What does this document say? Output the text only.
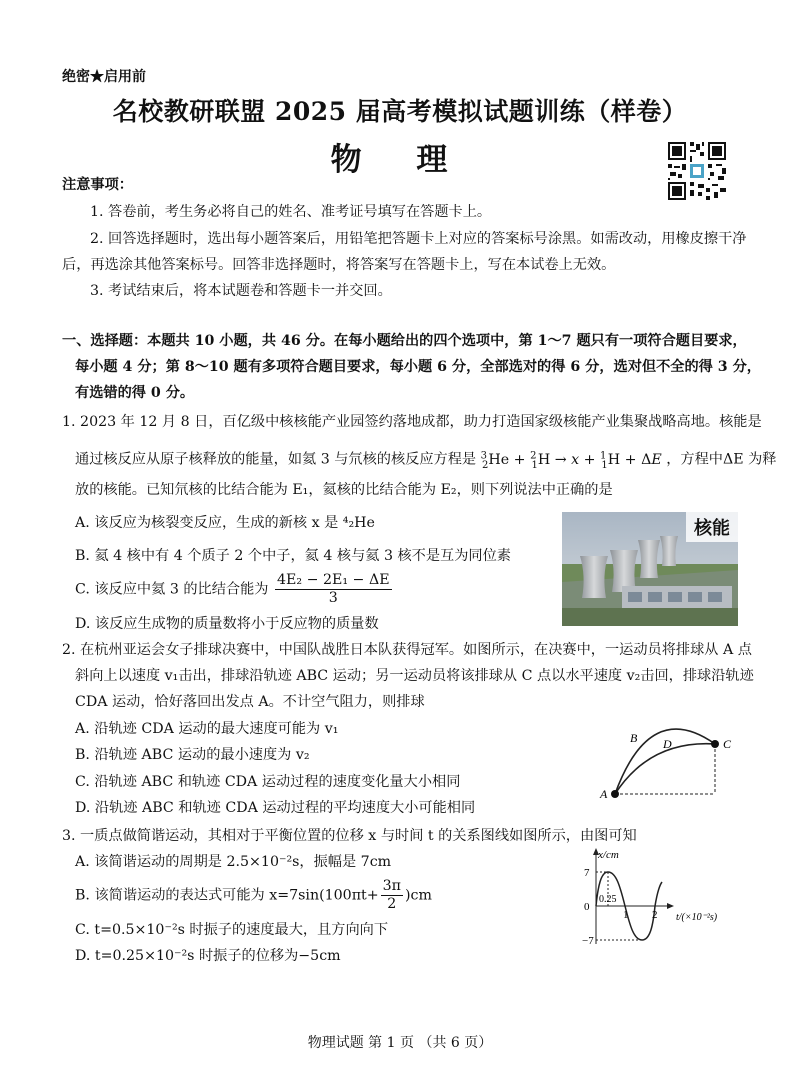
绝密★启用前
名校教研联盟 2025 届高考模拟试题训练（样卷）
物 理
注意事项：
1. 答卷前，考生务必将自己的姓名、准考证号填写在答题卡上。
2. 回答选择题时，选出每小题答案后，用铅笔把答题卡上对应的答案标号涂黑。如需改动，用橡皮擦干净
后，再选涂其他答案标号。回答非选择题时，将答案写在答题卡上，写在本试卷上无效。
3. 考试结束后，将本试题卷和答题卡一并交回。
一、选择题：本题共 10 小题，共 46 分。在每小题给出的四个选项中，第 1～7 题只有一项符合题目要求，
每小题 4 分；第 8～10 题有多项符合题目要求，每小题 6 分，全部选对的得 6 分，选对但不全的得 3 分，
有选错的得 0 分。
1. 2023 年 12 月 8 日，百亿级中核核能产业园签约落地成都，助力打造国家级核能产业集聚战略高地。核能是
通过核反应从原子核释放的能量，如氦 3 与氘核的核反应方程是 $^3_2$He + $^2_1$H → x + $^1_1$H + ΔE ，方程中ΔE 为释
放的核能。已知氘核的比结合能为 E₁，氦核的比结合能为 E₂，则下列说法中正确的是
A. 该反应为核裂变反应，生成的新核 x 是 ⁴₂He
B. 氦 4 核中有 4 个质子 2 个中子，氦 4 核与氦 3 核不是互为同位素
C. 该反应中氦 3 的比结合能为 $\frac{\text{4E₂ − 2E₁ − ΔE}}{3}$
D. 该反应生成物的质量数将小于反应物的质量数
核能
2. 在杭州亚运会女子排球决赛中，中国队战胜日本队获得冠军。如图所示，在决赛中，一运动员将排球从 A 点
斜向上以速度 v₁击出，排球沿轨迹 ABC 运动；另一运动员将该排球从 C 点以水平速度 v₂击回，排球沿轨迹
CDA 运动，恰好落回出发点 A。不计空气阻力，则排球
A. 沿轨迹 CDA 运动的最大速度可能为 v₁
B. 沿轨迹 ABC 运动的最小速度为 v₂
C. 沿轨迹 ABC 和轨迹 CDA 运动过程的速度变化量大小相同
D. 沿轨迹 ABC 和轨迹 CDA 运动过程的平均速度大小可能相同
A
B	C
D
3. 一质点做简谐运动，其相对于平衡位置的位移 x 与时间 t 的关系图线如图所示，由图可知
A. 该简谐运动的周期是 2.5×10⁻²s，振幅是 7cm
B. 该简谐运动的表达式可能为 $x=7\sin(100\pi t+ \frac{3\pi}{2} )cm$
C. t=0.5×10⁻²s 时振子的速度最大，且方向向下
D. t=0.25×10⁻²s 时振子的位移为−5cm
x/cm
7
−7
0
0.25
1 2 t/(×10⁻²s)
物理试题 第 1 页 （共 6 页）
